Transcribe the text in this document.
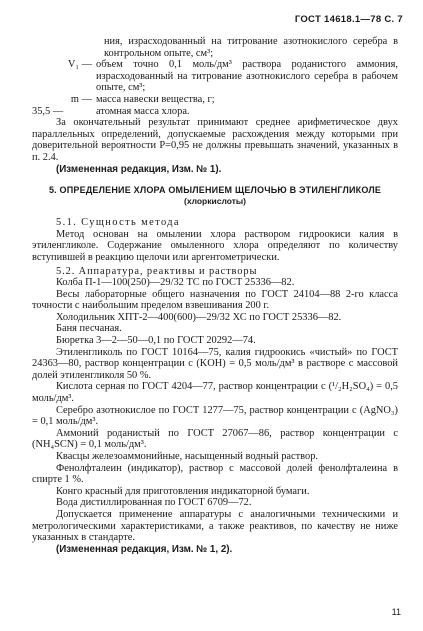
ГОСТ 14618.1—78 С. 7

ния, израсходованный на титрование азотнокислого серебра в контрольном опыте, см³;

V₁ — объем точно 0,1 моль/дм³ раствора роданистого аммония, израсходованный на титрование азотнокислого серебра в рабочем опыте, см³;
m — масса навески вещества, г;
35,5 —	атомная масса хлора.

За окончательный результат принимают среднее арифметическое двух параллельных определений, допускаемые расхождения между которыми при доверительной вероятности P=0,95 не должны превышать значений, указанных в п. 2.4.

(Измененная редакция, Изм. № 1).

5. ОПРЕДЕЛЕНИЕ ХЛОРА ОМЫЛЕНИЕМ ЩЕЛОЧЬЮ В ЭТИЛЕНГЛИКОЛЕ
(хлоркислоты)

5.1. Сущность метода

Метод основан на омылении хлора раствором гидроокиси калия в этиленгликоле. Содержание омыленного хлора определяют по количеству вступившей в реакцию щелочи или аргентометрически.

5.2. Аппаратура, реактивы и растворы

Колба П-1—100(250)—29/32 ТС по ГОСТ 25336—82.

Весы лабораторные общего назначения по ГОСТ 24104—88 2-го класса точности с наибольшим пределом взвешивания 200 г.

Холодильник ХПТ-2—400(600)—29/32 ХС по ГОСТ 25336—82.

Баня песчаная.

Бюретка 3—2—50—0,1 по ГОСТ 20292—74.

Этиленгликоль по ГОСТ 10164—75, калия гидроокись «чистый» по ГОСТ 24363—80, раствор концентрации c (KOH) = 0,5 моль/дм³ в растворе с массовой долей этиленгликоля 50 %.

Кислота серная по ГОСТ 4204—77, раствор концентрации c (¹/₂H₂SO₄) = 0,5 моль/дм³.

Серебро азотнокислое по ГОСТ 1277—75, раствор концентрации c (AgNO₃) = 0,1 моль/дм³.

Аммоний роданистый по ГОСТ 27067—86, раствор концентрации c (NH₄SCN) = 0,1 моль/дм³.

Квасцы железоаммонийные, насыщенный водный раствор.

Фенолфталеин (индикатор), раствор с массовой долей фенолфталеина в спирте 1 %.

Конго красный для приготовления индикаторной бумаги.

Вода дистиллированная по ГОСТ 6709—72.

Допускается применение аппаратуры с аналогичными техническими и метрологическими характеристиками, а также реактивов, по качеству не ниже указанных в стандарте.

(Измененная редакция, Изм. № 1, 2).

11
